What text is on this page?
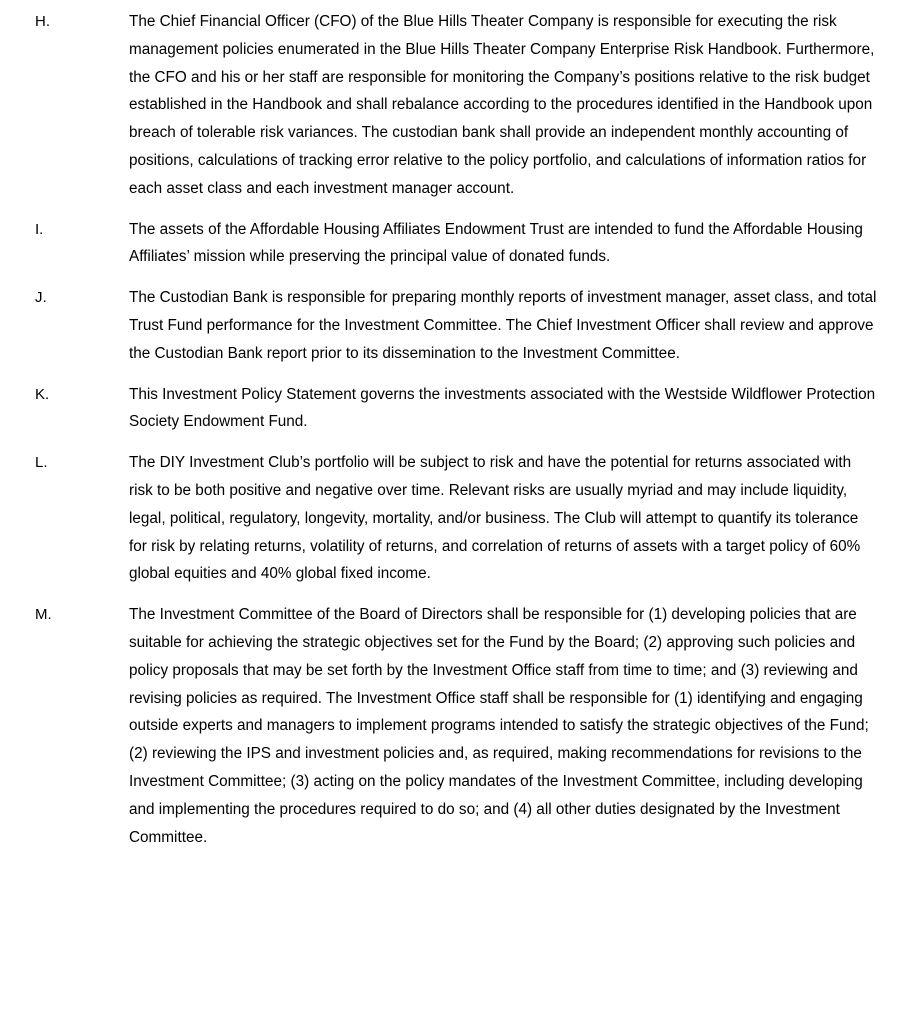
H.	The Chief Financial Officer (CFO) of the Blue Hills Theater Company is responsible for executing the risk management policies enumerated in the Blue Hills Theater Company Enterprise Risk Handbook. Furthermore, the CFO and his or her staff are responsible for monitoring the Company’s positions relative to the risk budget established in the Handbook and shall rebalance according to the procedures identified in the Handbook upon breach of tolerable risk variances. The custodian bank shall provide an independent monthly accounting of positions, calculations of tracking error relative to the policy portfolio, and calculations of information ratios for each asset class and each investment manager account.
I.	The assets of the Affordable Housing Affiliates Endowment Trust are intended to fund the Affordable Housing Affiliates’ mission while preserving the principal value of donated funds.
J.	The Custodian Bank is responsible for preparing monthly reports of investment manager, asset class, and total Trust Fund performance for the Investment Committee. The Chief Investment Officer shall review and approve the Custodian Bank report prior to its dissemination to the Investment Committee.
K.	This Investment Policy Statement governs the investments associated with the Westside Wildflower Protection Society Endowment Fund.
L.	The DIY Investment Club’s portfolio will be subject to risk and have the potential for returns associated with risk to be both positive and negative over time. Relevant risks are usually myriad and may include liquidity, legal, political, regulatory, longevity, mortality, and/or business. The Club will attempt to quantify its tolerance for risk by relating returns, volatility of returns, and correlation of returns of assets with a target policy of 60% global equities and 40% global fixed income.
M.	The Investment Committee of the Board of Directors shall be responsible for (1) developing policies that are suitable for achieving the strategic objectives set for the Fund by the Board; (2) approving such policies and policy proposals that may be set forth by the Investment Office staff from time to time; and (3) reviewing and revising policies as required. The Investment Office staff shall be responsible for (1) identifying and engaging outside experts and managers to implement programs intended to satisfy the strategic objectives of the Fund; (2) reviewing the IPS and investment policies and, as required, making recommendations for revisions to the Investment Committee; (3) acting on the policy mandates of the Investment Committee, including developing and implementing the procedures required to do so; and (4) all other duties designated by the Investment Committee.
